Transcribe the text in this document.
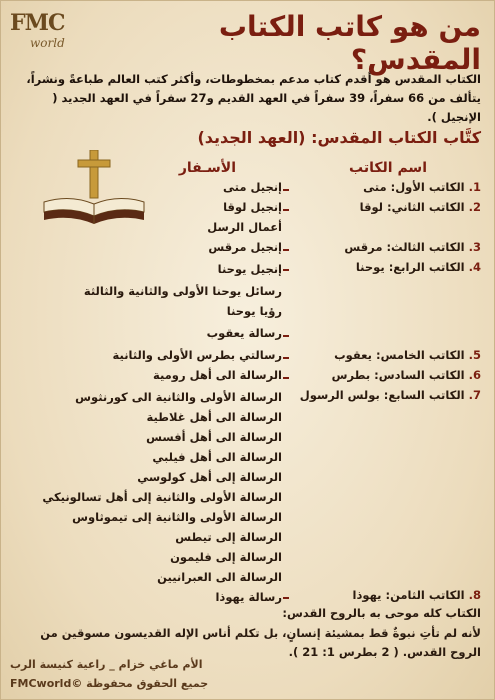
FMC
world	من هو كاتب الكتاب المقدس؟
الكتاب المقدس هو أقدم كتاب مدعم بمخطوطات، وأكثر كتب العالم طباعةً ونشراً، يتألف من 66 سفراً، 39 سفراً في العهد القديم و27 سفراً في العهد الجديد ( الإنجيل ).
كتَّاب الكتاب المقدس: (العهد الجديد)
اسم الكاتب
الأسـفار
1. الكاتب الأول: متى
2. الكاتب الثاني: لوقا
3. الكاتب الثالث: مرقس
4. الكاتب الرابع: يوحنا
5. الكاتب الخامس: يعقوب
6. الكاتب السادس: بطرس
7. الكاتب السابع: بولس الرسول
8. الكاتب الثامن: يهوذا
الكتاب كله موحى به بالروح القدس:
لأنه لم تأتِ نبوةٌ قط بمشيئة إنسانٍ، بل تكلم أناس الإله القديسون مسوقين من الروح القدس. ( 2 بطرس 1: 21 ).
الأم ماغي خزام _ راعية كنيسة الرب
جميع الحقوق محفوظة ©FMCworld
إنجيل متى
إنجيل لوقا
أعمال الرسل
إنجيل مرقس
إنجيل يوحنا
رسائل يوحنا الأولى والثانية والثالثة
رؤيا يوحنا
رسالة يعقوب
رسالتي بطرس الأولى والثانية
الرسالة الى أهل رومية
الرسالة الأولى والثانية الى كورنثوس
الرسالة الى أهل غلاطية
الرسالة الى أهل أفسس
الرسالة الى أهل فيلبي
الرسالة إلى أهل كولوسي
الرسالة الأولى والثانية إلى أهل تسالونيكي
الرسالة الأولى والثانية إلى تيموثاوس
الرسالة إلى تيطس
الرسالة إلى فليمون
الرسالة الى العبرانيين
رسالة يهوذا
